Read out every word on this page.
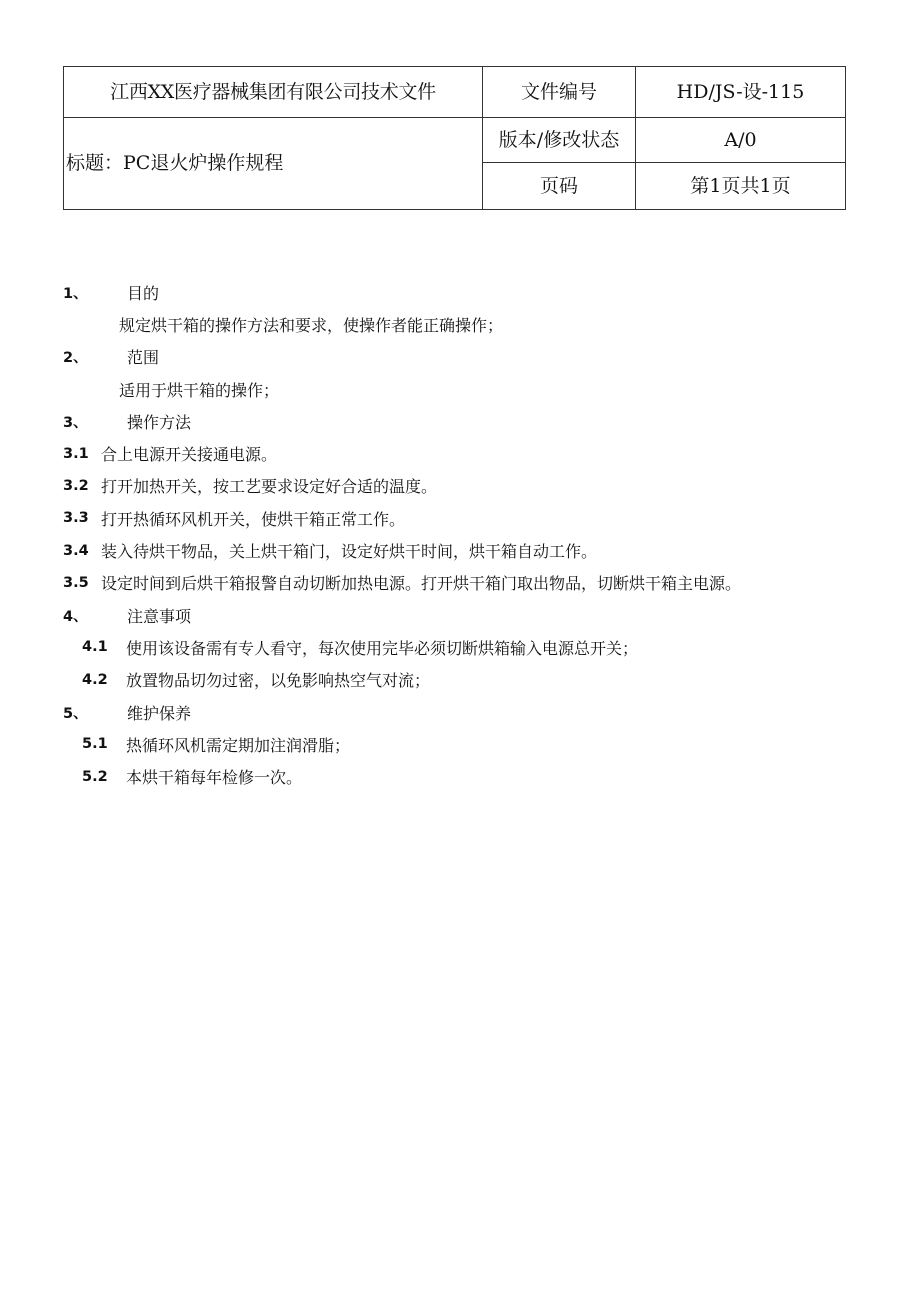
江西XX医疗器械集团有限公司技术文件	文件编号	HD/JS-设-115
标题：PC退火炉操作规程	版本/修改状态	A/0
	页码	第1页共1页
1、	目的
规定烘干箱的操作方法和要求，使操作者能正确操作；
2、	范围
适用于烘干箱的操作；
3、	操作方法
3.1 合上电源开关接通电源。
3.2 打开加热开关，按工艺要求设定好合适的温度。
3.3 打开热循环风机开关，使烘干箱正常工作。
3.4 装入待烘干物品，关上烘干箱门，设定好烘干时间，烘干箱自动工作。
3.5 设定时间到后烘干箱报警自动切断加热电源。打开烘干箱门取出物品，切断烘干箱主电源。
4、	注意事项
4.1	使用该设备需有专人看守，每次使用完毕必须切断烘箱输入电源总开关；
4.2	放置物品切勿过密，以免影响热空气对流；
5、	维护保养
5.1	热循环风机需定期加注润滑脂；
5.2	本烘干箱每年检修一次。
